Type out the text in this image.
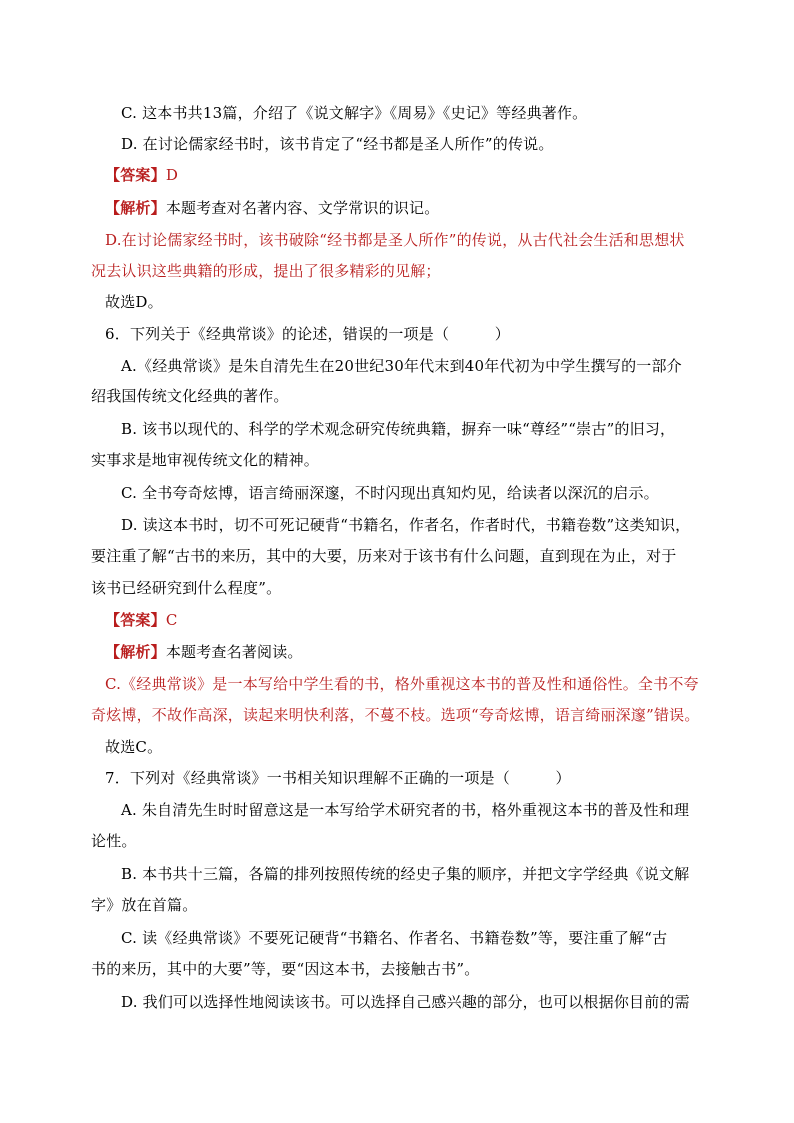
C. 这本书共13篇，介绍了《说文解字》《周易》《史记》等经典著作。
D. 在讨论儒家经书时，该书肯定了“经书都是圣人所作”的传说。
【答案】D
【解析】本题考查对名著内容、文学常识的识记。
D.在讨论儒家经书时，该书破除“经书都是圣人所作”的传说，从古代社会生活和思想状
况去认识这些典籍的形成，提出了很多精彩的见解；
故选D。
6．下列关于《经典常谈》的论述，错误的一项是（　　　）
A.《经典常谈》是朱自清先生在20世纪30年代末到40年代初为中学生撰写的一部介
绍我国传统文化经典的著作。
B. 该书以现代的、科学的学术观念研究传统典籍，摒弃一味“尊经”“崇古”的旧习，
实事求是地审视传统文化的精神。
C. 全书夸奇炫博，语言绮丽深邃，不时闪现出真知灼见，给读者以深沉的启示。
D. 读这本书时，切不可死记硬背“书籍名，作者名，作者时代，书籍卷数”这类知识，
要注重了解“古书的来历，其中的大要，历来对于该书有什么问题，直到现在为止，对于
该书已经研究到什么程度”。
【答案】C
【解析】本题考查名著阅读。
C.《经典常谈》是一本写给中学生看的书，格外重视这本书的普及性和通俗性。全书不夸
奇炫博，不故作高深，读起来明快利落，不蔓不枝。选项“夸奇炫博，语言绮丽深邃”错误。
故选C。
7．下列对《经典常谈》一书相关知识理解不正确的一项是（　　　）
A. 朱自清先生时时留意这是一本写给学术研究者的书，格外重视这本书的普及性和理
论性。
B. 本书共十三篇，各篇的排列按照传统的经史子集的顺序，并把文字学经典《说文解
字》放在首篇。
C. 读《经典常谈》不要死记硬背“书籍名、作者名、书籍卷数”等，要注重了解“古
书的来历，其中的大要”等，要“因这本书，去接触古书”。
D. 我们可以选择性地阅读该书。可以选择自己感兴趣的部分，也可以根据你目前的需
